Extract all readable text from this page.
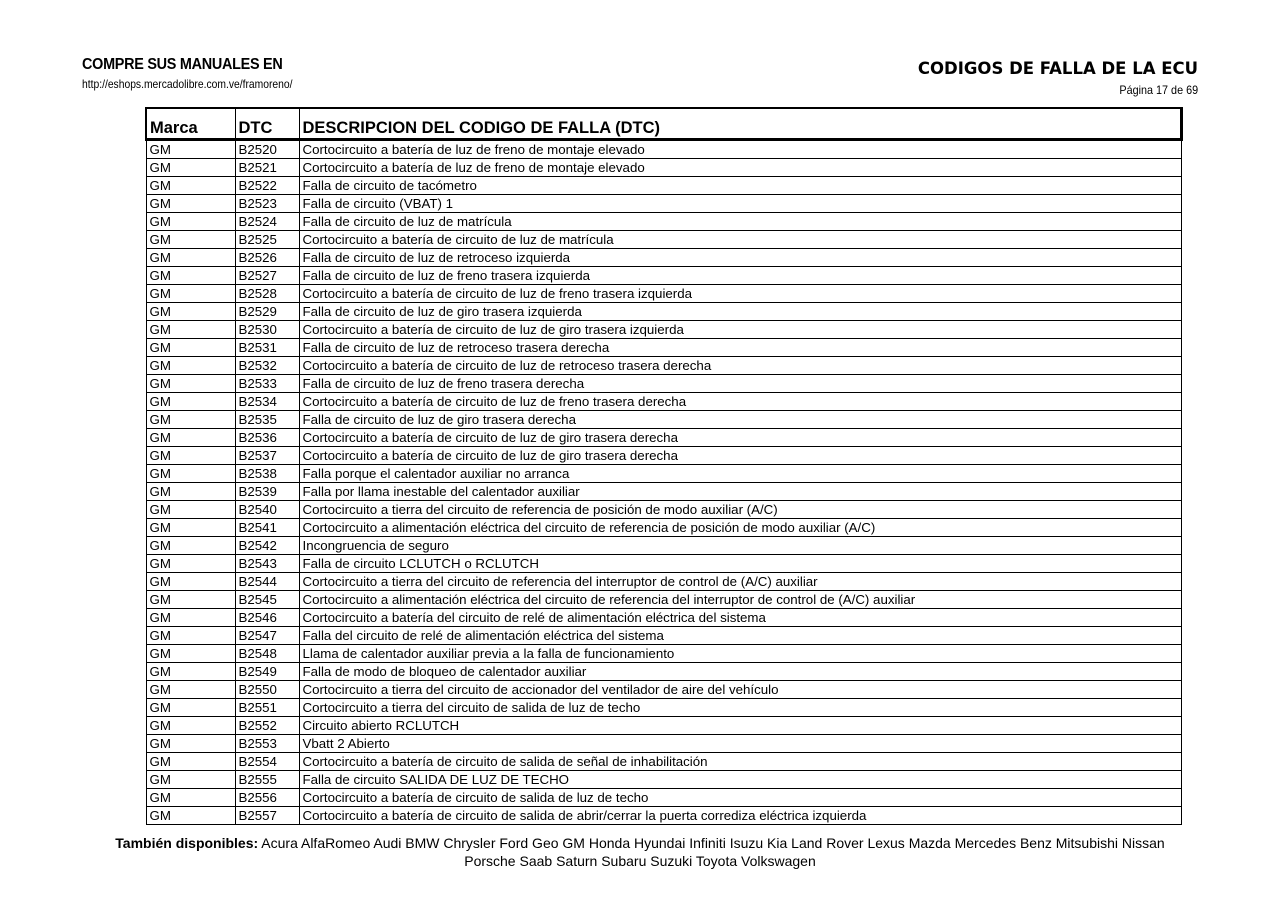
COMPRE SUS MANUALES EN
http://eshops.mercadolibre.com.ve/framoreno/
CODIGOS DE FALLA DE LA ECU
Página 17 de 69
Marca	DTC	DESCRIPCION DEL CODIGO DE FALLA (DTC)
GM	B2520	Cortocircuito a batería de luz de freno de montaje elevado
GM	B2521	Cortocircuito a batería de luz de freno de montaje elevado
GM	B2522	Falla de circuito de tacómetro
GM	B2523	Falla de circuito (VBAT) 1
GM	B2524	Falla de circuito de luz de matrícula
GM	B2525	Cortocircuito a batería de circuito de luz de matrícula
GM	B2526	Falla de circuito de luz de retroceso izquierda
GM	B2527	Falla de circuito de luz de freno trasera izquierda
GM	B2528	Cortocircuito a batería de circuito de luz de freno trasera izquierda
GM	B2529	Falla de circuito de luz de giro trasera izquierda
GM	B2530	Cortocircuito a batería de circuito de luz de giro trasera izquierda
GM	B2531	Falla de circuito de luz de retroceso trasera derecha
GM	B2532	Cortocircuito a batería de circuito de luz de retroceso trasera derecha
GM	B2533	Falla de circuito de luz de freno trasera derecha
GM	B2534	Cortocircuito a batería de circuito de luz de freno trasera derecha
GM	B2535	Falla de circuito de luz de giro trasera derecha
GM	B2536	Cortocircuito a batería de circuito de luz de giro trasera derecha
GM	B2537	Cortocircuito a batería de circuito de luz de giro trasera derecha
GM	B2538	Falla porque el calentador auxiliar no arranca
GM	B2539	Falla por llama inestable del calentador auxiliar
GM	B2540	Cortocircuito a tierra del circuito de referencia de posición de modo auxiliar (A/C)
GM	B2541	Cortocircuito a alimentación eléctrica del circuito de referencia de posición de modo auxiliar (A/C)
GM	B2542	Incongruencia de seguro
GM	B2543	Falla de circuito LCLUTCH o RCLUTCH
GM	B2544	Cortocircuito a tierra del circuito de referencia del interruptor de control de (A/C) auxiliar
GM	B2545	Cortocircuito a alimentación eléctrica del circuito de referencia del interruptor de control de (A/C) auxiliar
GM	B2546	Cortocircuito a batería del circuito de relé de alimentación eléctrica del sistema
GM	B2547	Falla del circuito de relé de alimentación eléctrica del sistema
GM	B2548	Llama de calentador auxiliar previa a la falla de funcionamiento
GM	B2549	Falla de modo de bloqueo de calentador auxiliar
GM	B2550	Cortocircuito a tierra del circuito de accionador del ventilador de aire del vehículo
GM	B2551	Cortocircuito a tierra del circuito de salida de luz de techo
GM	B2552	Circuito abierto RCLUTCH
GM	B2553	Vbatt 2 Abierto
GM	B2554	Cortocircuito a batería de circuito de salida de señal de inhabilitación
GM	B2555	Falla de circuito SALIDA DE LUZ DE TECHO
GM	B2556	Cortocircuito a batería de circuito de salida de luz de techo
GM	B2557	Cortocircuito a batería de circuito de salida de abrir/cerrar la puerta corrediza eléctrica izquierda
También disponibles: Acura AlfaRomeo Audi BMW Chrysler Ford Geo GM Honda Hyundai Infiniti Isuzu Kia Land Rover Lexus Mazda Mercedes Benz Mitsubishi Nissan Porsche Saab Saturn Subaru Suzuki Toyota Volkswagen
